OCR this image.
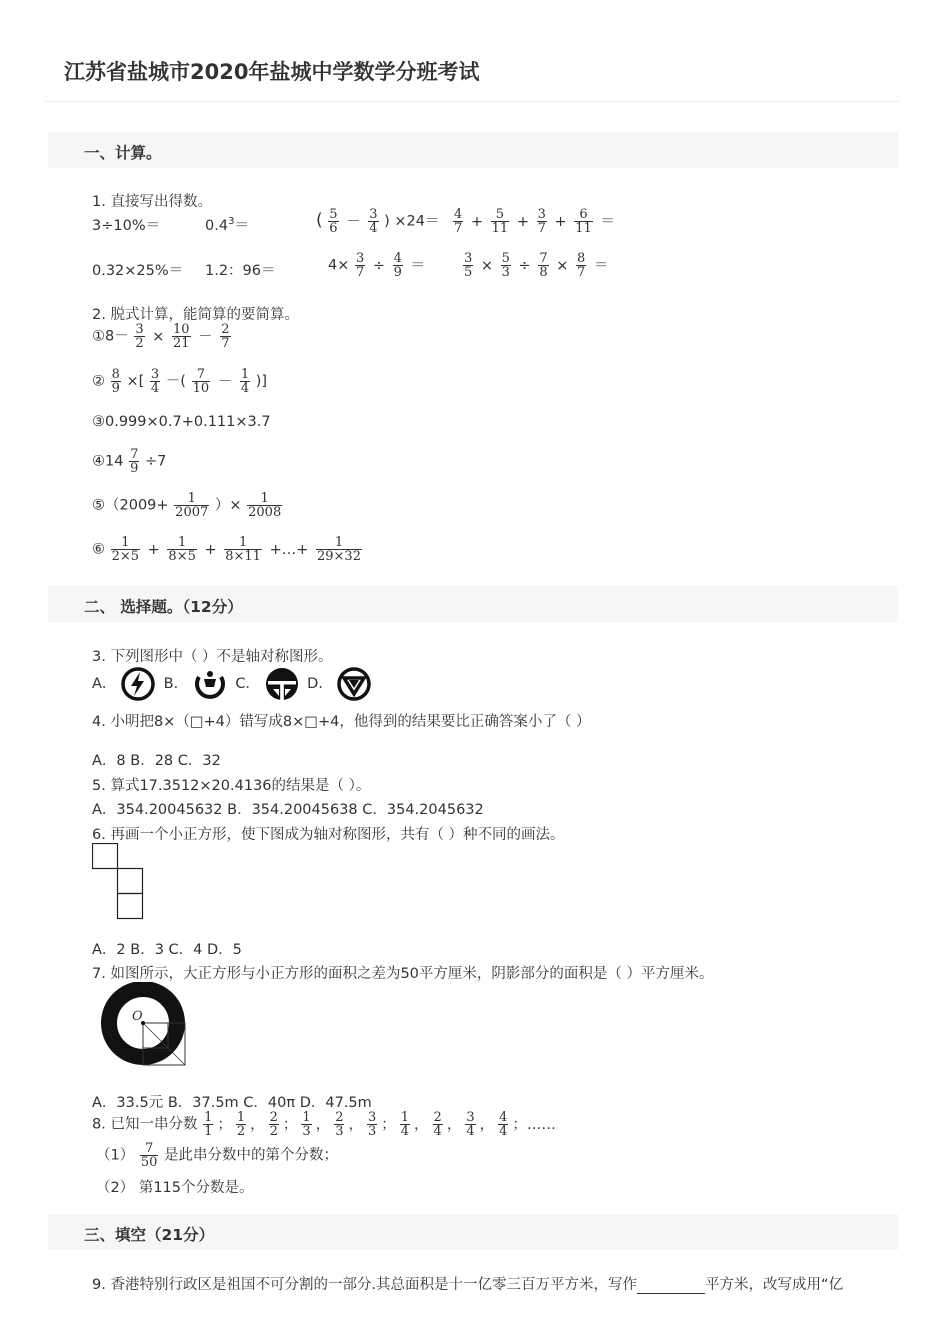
江苏省盐城市2020年盐城中学数学分班考试
一、计算。
1. 直接写出得数。
3÷10%＝	$0.4^3=$	( $\frac{5}{6} - \frac{3}{4}$ ) $\times 24= \frac{4}{7} + \frac{5}{11} + \frac{3}{7} + \frac{6}{11}$ ＝
0.32×25%＝ 1.2：96＝	$4\times \frac{3}{7} \div \frac{4}{9}$ ＝	$\frac{3}{5} \times \frac{5}{3} \div \frac{7}{8} \times \frac{8}{7}$ ＝
2. 脱式计算，能简算的要简算。
①8－ $\frac{3}{2} \times \frac{10}{21} - \frac{2}{7}$
② $\frac{8}{9}$ ×[ $\frac{3}{4}$ －( $\frac{7}{10} - \frac{1}{4}$ )]
③0.999×0.7+0.111×3.7
④14 $\frac{7}{9} \div 7$
⑤（2009+ $\frac{1}{2007}$ ）× $\frac{1}{2008}$
⑥ $\frac{1}{2\times 5} + \frac{1}{8\times 5} + \frac{1}{8\times 11}$ +…+ $\frac{1}{29\times 32}$
二、 选择题。（12分）
3. 下列图形中（ ）不是轴对称图形。
A．	B．	C．	D．
4. 小明把8×（□+4）错写成8×□+4，他得到的结果要比正确答案小了（ ）
A．8 B．28 C．32
5. 算式17.3512×20.4136的结果是（ ）。
A．354.20045632 B．354.20045638 C．354.2045632
6. 再画一个小正方形，使下图成为轴对称图形，共有（ ）种不同的画法。
A．2 B．3 C．4 D．5
7. 如图所示，大正方形与小正方形的面积之差为50平方厘米，阴影部分的面积是（ ）平方厘米。
O
A．33.5元 B．37.5m C．40π D．47.5m
8. 已知一串分数 $\frac{1}{1}$ ； $\frac{1}{2}$ ， $\frac{2}{2}$ ； $\frac{1}{3}$ ， $\frac{2}{3}$ ， $\frac{3}{3}$ ； $\frac{1}{4}$ ， $\frac{2}{4}$ ， $\frac{3}{4}$ ， $\frac{4}{4}$ ；……
$(1) \frac{7}{50}$ 是此串分数中的第个分数；
（2） 第115个分数是。
三、填空（21分）
9. 香港特别行政区是祖国不可分割的一部分.其总面积是十一亿零三百万平方米，写作	平方米，改写成用“亿
